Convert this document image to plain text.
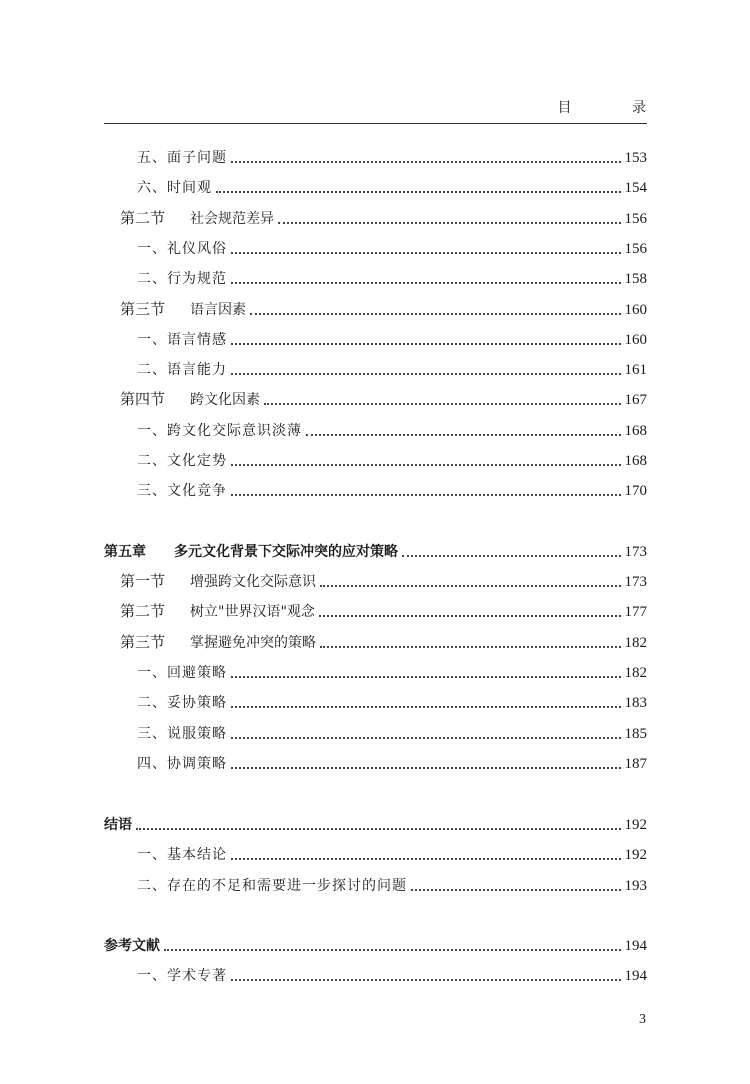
目 录
五、面子问题	153
六、时间观	154
第二节 社会规范差异	156
一、礼仪风俗	156
二、行为规范	158
第三节 语言因素	160
一、语言情感	160
二、语言能力	161
第四节 跨文化因素	167
一、跨文化交际意识淡薄	168
二、文化定势	168
三、文化竞争	170
第五章 多元文化背景下交际冲突的应对策略	173
第一节 增强跨文化交际意识	173
第二节 树立"世界汉语"观念	177
第三节 掌握避免冲突的策略	182
一、回避策略	182
二、妥协策略	183
三、说服策略	185
四、协调策略	187
结语	192
一、基本结论	192
二、存在的不足和需要进一步探讨的问题	193
参考文献	194
一、学术专著	194
3
